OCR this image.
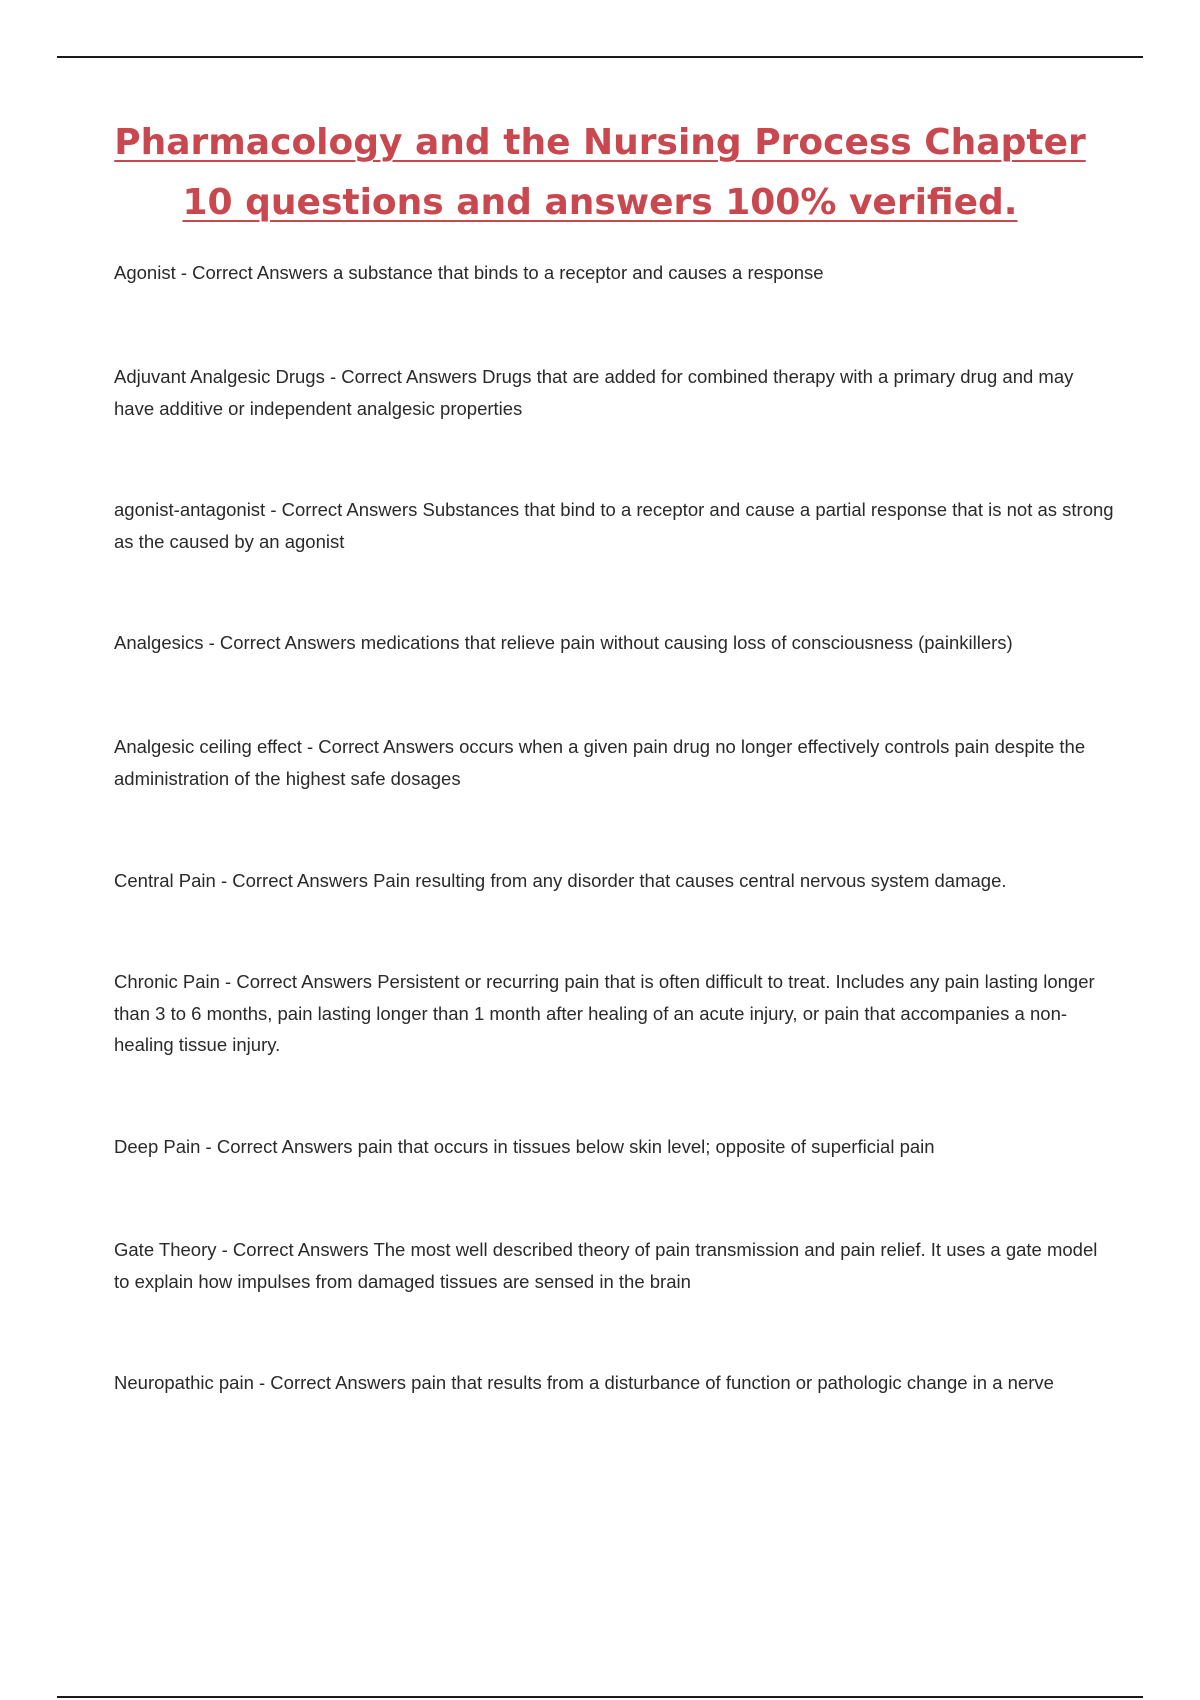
Pharmacology and the Nursing Process Chapter 10 questions and answers 100% verified.

Agonist - Correct Answers a substance that binds to a receptor and causes a response

Adjuvant Analgesic Drugs - Correct Answers Drugs that are added for combined therapy with a primary drug and may have additive or independent analgesic properties

agonist-antagonist - Correct Answers Substances that bind to a receptor and cause a partial response that is not as strong as the caused by an agonist

Analgesics - Correct Answers medications that relieve pain without causing loss of consciousness (painkillers)

Analgesic ceiling effect - Correct Answers occurs when a given pain drug no longer effectively controls pain despite the administration of the highest safe dosages

Central Pain - Correct Answers Pain resulting from any disorder that causes central nervous system damage.

Chronic Pain - Correct Answers Persistent or recurring pain that is often difficult to treat. Includes any pain lasting longer than 3 to 6 months, pain lasting longer than 1 month after healing of an acute injury, or pain that accompanies a non-healing tissue injury.

Deep Pain - Correct Answers pain that occurs in tissues below skin level; opposite of superficial pain

Gate Theory - Correct Answers The most well described theory of pain transmission and pain relief. It uses a gate model to explain how impulses from damaged tissues are sensed in the brain

Neuropathic pain - Correct Answers pain that results from a disturbance of function or pathologic change in a nerve
